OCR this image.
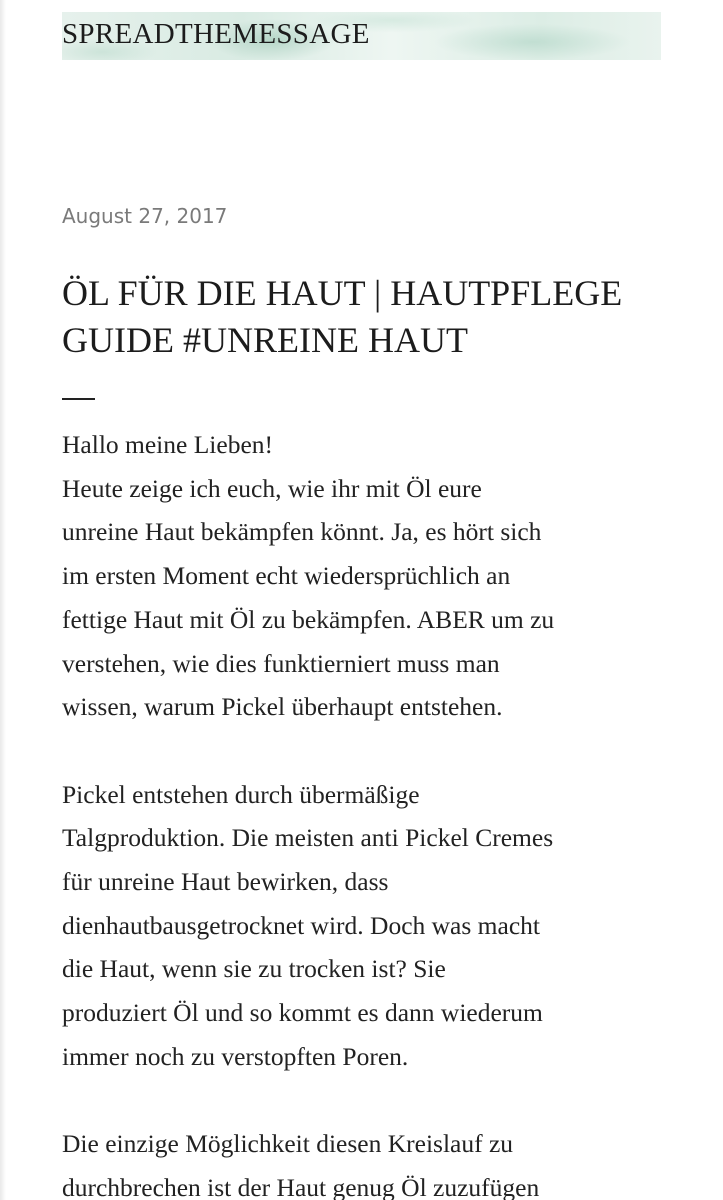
SPREADTHEMESSAGE
August 27, 2017
ÖL FÜR DIE HAUT | HAUTPFLEGE GUIDE #UNREINE HAUT

Hallo meine Lieben!
Heute zeige ich euch, wie ihr mit Öl eure
unreine Haut bekämpfen könnt. Ja, es hört sich
im ersten Moment echt wiedersprüchlich an
fettige Haut mit Öl zu bekämpfen. ABER um zu
verstehen, wie dies funktierniert muss man
wissen, warum Pickel überhaupt entstehen.

Pickel entstehen durch übermäßige
Talgproduktion. Die meisten anti Pickel Cremes
für unreine Haut bewirken, dass
dienhautbausgetrocknet wird. Doch was macht
die Haut, wenn sie zu trocken ist? Sie
produziert Öl und so kommt es dann wiederum
immer noch zu verstopften Poren.

Die einzige Möglichkeit diesen Kreislauf zu
durchbrechen ist der Haut genug Öl zuzufügen
